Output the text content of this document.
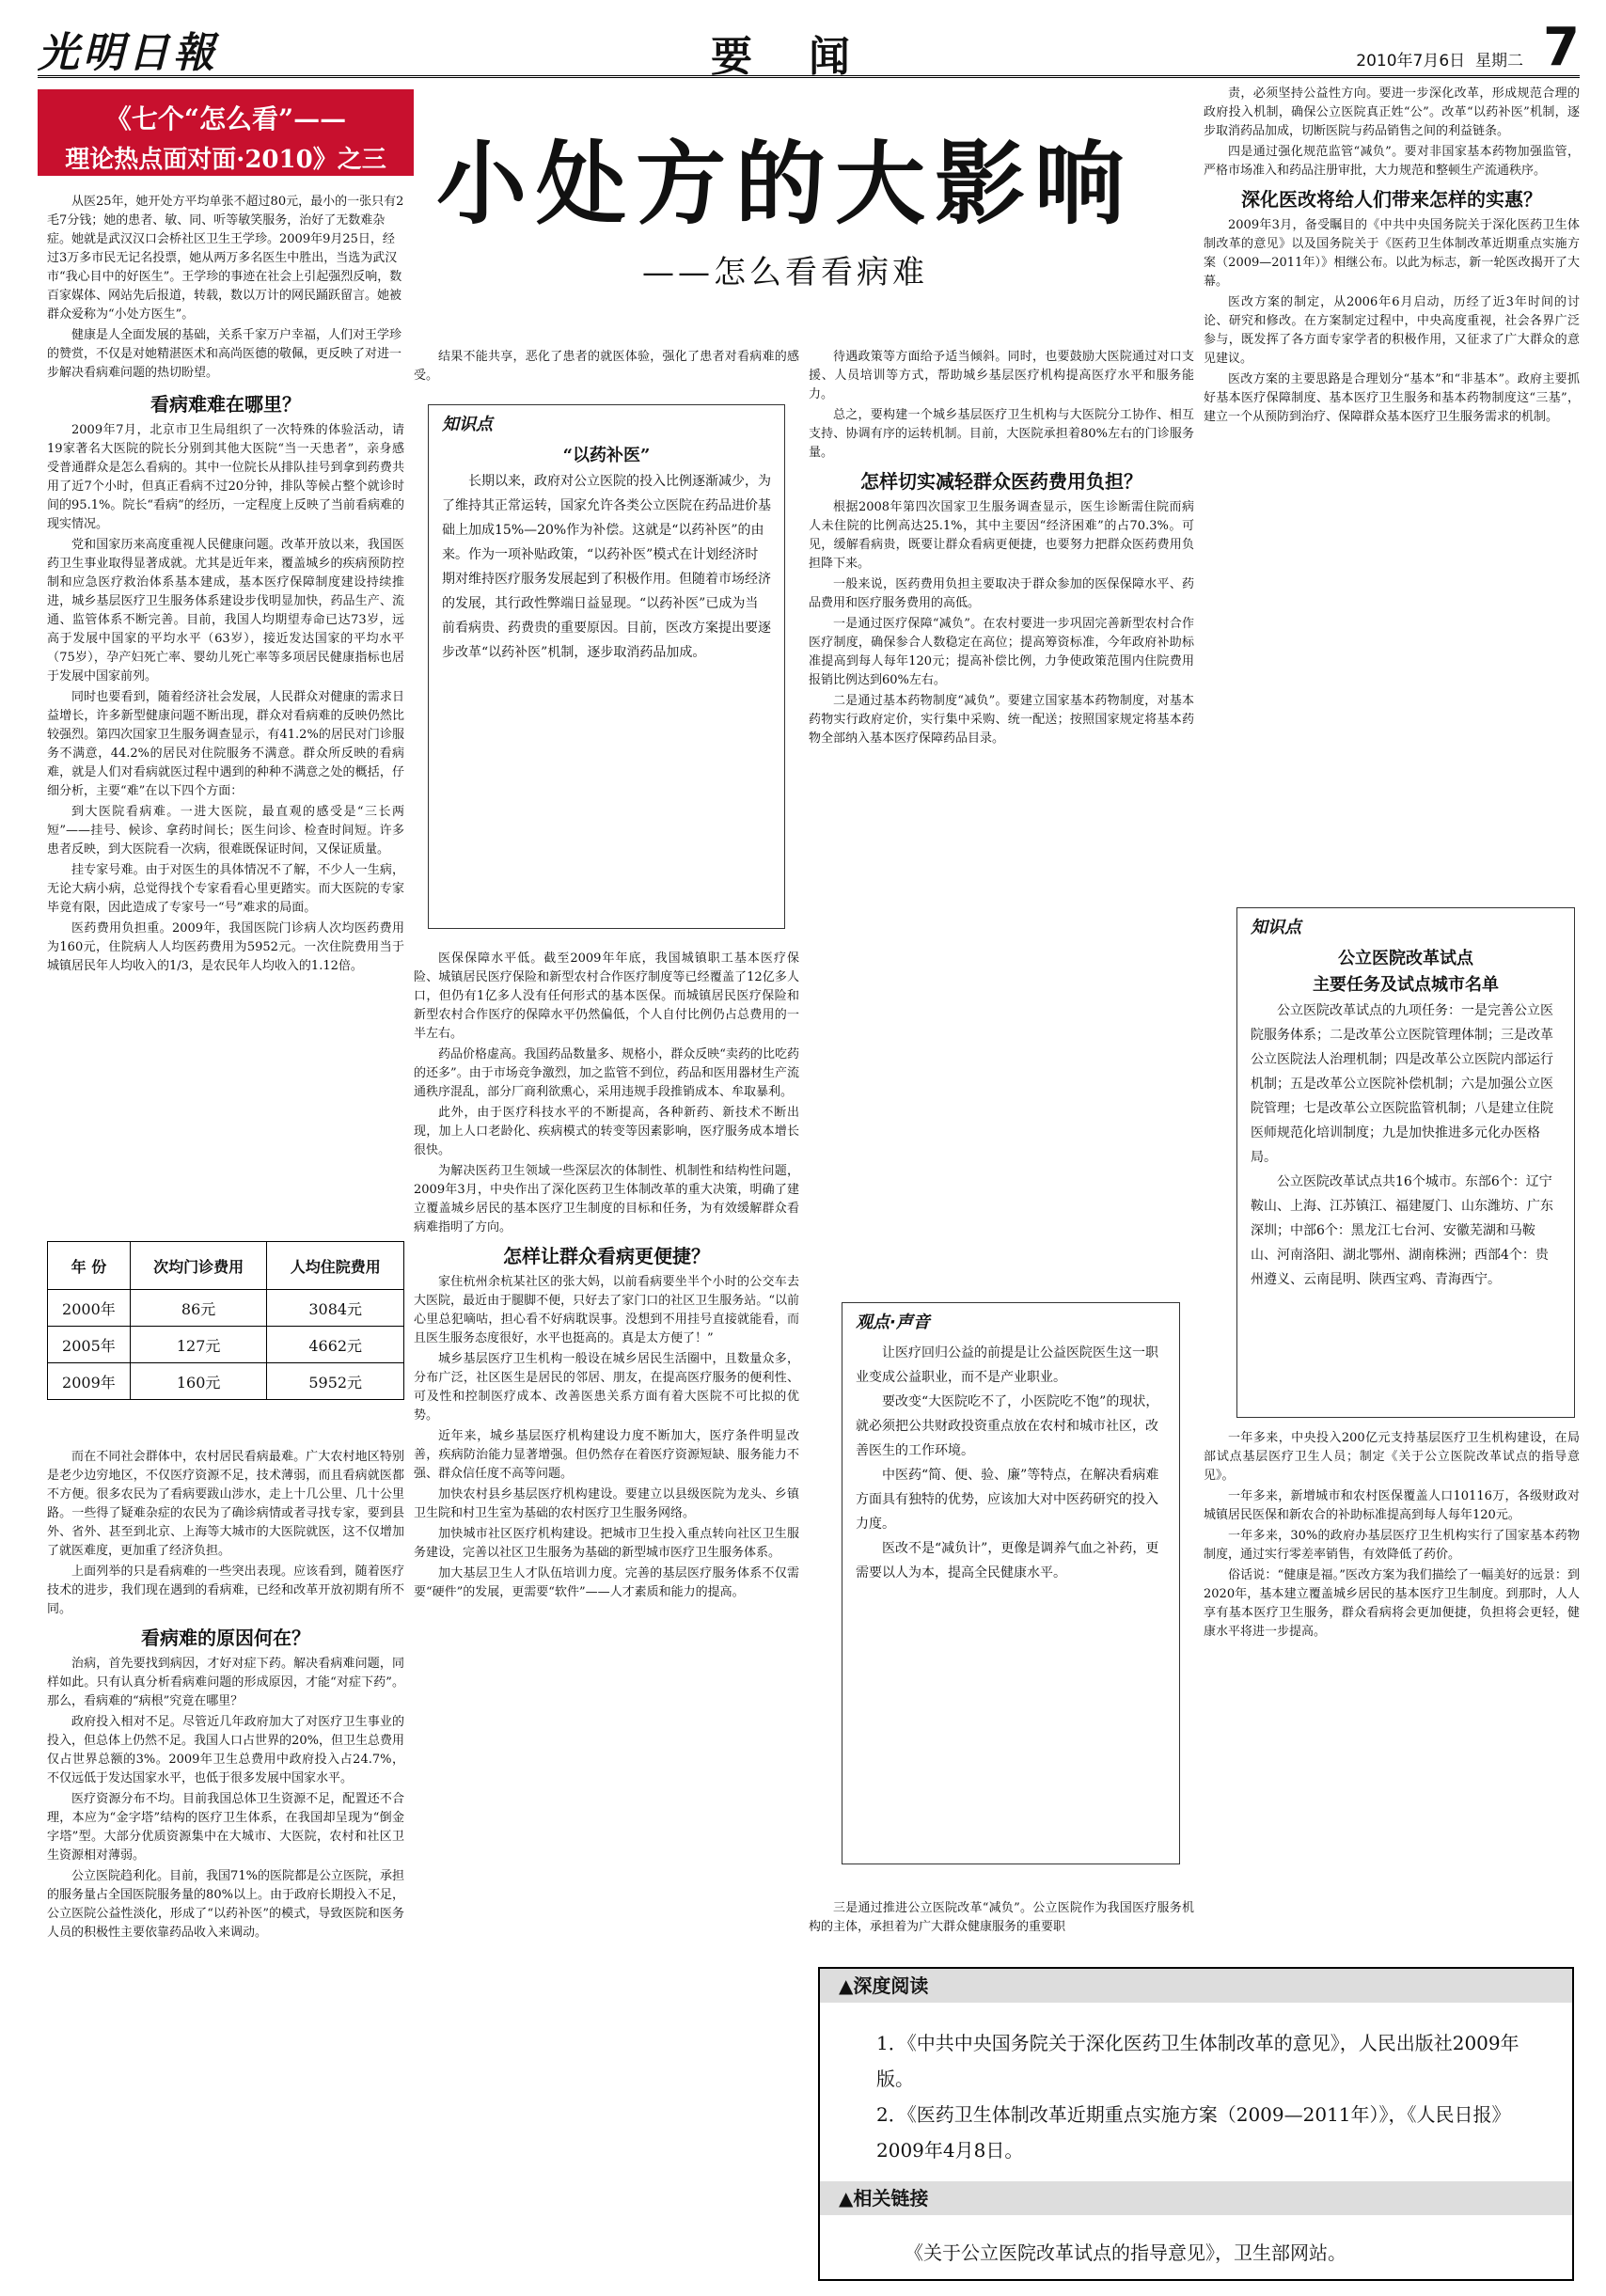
光明日報	要闻	2010年7月6日 星期二 7
《七个“怎么看”——
理论热点面对面·2010》之三

从医25年，她开处方平均单张不超过80元，最小的一张只有2毛7分钱；她的患者、敏、同、听等敏笑服务，治好了无数难杂症。她就是武汉汉口会桥社区卫生王学珍。2009年9月25日，经过3万多市民无记名投票，她从两万多名医生中胜出，当选为武汉市“我心目中的好医生”。王学珍的事迹在社会上引起强烈反响，数百家媒体、网站先后报道，转载，数以万计的网民踊跃留言。她被群众爱称为“小处方医生”。

健康是人全面发展的基础，关系千家万户幸福，人们对王学珍的赞赏，不仅是对她精湛医术和高尚医德的敬佩，更反映了对进一步解决看病难问题的热切盼望。

小处方的大影响
——怎么看看病难
看病难难在哪里？

2009年7月，北京市卫生局组织了一次特殊的体验活动，请19家著名大医院的院长分别到其他大医院“当一天患者”，亲身感受普通群众是怎么看病的。其中一位院长从排队挂号到拿到药费共用了近7个小时，但真正看病不过20分钟，排队等候占整个就诊时间的95.1%。院长“看病”的经历，一定程度上反映了当前看病难的现实情况。

党和国家历来高度重视人民健康问题。改革开放以来，我国医药卫生事业取得显著成就。尤其是近年来，覆盖城乡的疾病预防控制和应急医疗救治体系基本建成，基本医疗保障制度建设持续推进，城乡基层医疗卫生服务体系建设步伐明显加快，药品生产、流通、监管体系不断完善。目前，我国人均期望寿命已达73岁，远高于发展中国家的平均水平（63岁），接近发达国家的平均水平（75岁），孕产妇死亡率、婴幼儿死亡率等多项居民健康指标也居于发展中国家前列。

同时也要看到，随着经济社会发展，人民群众对健康的需求日益增长，许多新型健康问题不断出现，群众对看病难的反映仍然比较强烈。第四次国家卫生服务调查显示，有41.2%的居民对门诊服务不满意，44.2%的居民对住院服务不满意。群众所反映的看病难，就是人们对看病就医过程中遇到的种种不满意之处的概括，仔细分析，主要“难”在以下四个方面：

到大医院看病难。一进大医院，最直观的感受是“三长两短”——挂号、候诊、拿药时间长；医生问诊、检查时间短。许多患者反映，到大医院看一次病，很难既保证时间，又保证质量。

挂专家号难。由于对医生的具体情况不了解，不少人一生病，无论大病小病，总觉得找个专家看看心里更踏实。而大医院的专家毕竟有限，因此造成了专家号一“号”难求的局面。

医药费用负担重。2009年，我国医院门诊病人次均医药费用为160元，住院病人人均医药费用为5952元。一次住院费用当于城镇居民年人均收入的1/3，是农民年人均收入的1.12倍。

年 份	次均门诊费用	人均住院费用
2000年	86元	3084元
2005年	127元	4662元
2009年	160元	5952元

而在不同社会群体中，农村居民看病最难。广大农村地区特别是老少边穷地区，不仅医疗资源不足，技术薄弱，而且看病就医都不方便。很多农民为了看病要跋山涉水，走上十几公里、几十公里路。一些得了疑难杂症的农民为了确诊病情或者寻找专家，要到县外、省外、甚至到北京、上海等大城市的大医院就医，这不仅增加了就医难度，更加重了经济负担。

上面列举的只是看病难的一些突出表现。应该看到，随着医疗技术的进步，我们现在遇到的看病难，已经和改革开放初期有所不同。

看病难的原因何在？

治病，首先要找到病因，才好对症下药。解决看病难问题，同样如此。只有认真分析看病难问题的形成原因，才能“对症下药”。那么，看病难的“病根”究竟在哪里？

政府投入相对不足。尽管近几年政府加大了对医疗卫生事业的投入，但总体上仍然不足。我国人口占世界的20%，但卫生总费用仅占世界总额的3%。2009年卫生总费用中政府投入占24.7%，不仅远低于发达国家水平，也低于很多发展中国家水平。

医疗资源分布不均。目前我国总体卫生资源不足，配置还不合理，本应为“金字塔”结构的医疗卫生体系，在我国却呈现为“倒金字塔”型。大部分优质资源集中在大城市、大医院，农村和社区卫生资源相对薄弱。

公立医院趋利化。目前，我国71%的医院都是公立医院，承担的服务量占全国医院服务量的80%以上。由于政府长期投入不足，公立医院公益性淡化，形成了“以药补医”的模式，导致医院和医务人员的积极性主要依靠药品收入来调动。

结果不能共享，恶化了患者的就医体验，强化了患者对看病难的感受。

知识点
“以药补医”

长期以来，政府对公立医院的投入比例逐渐减少，为了维持其正常运转，国家允许各类公立医院在药品进价基础上加成15%—20%作为补偿。这就是“以药补医”的由来。作为一项补贴政策，“以药补医”模式在计划经济时期对维持医疗服务发展起到了积极作用。但随着市场经济的发展，其行政性弊端日益显现。“以药补医”已成为当前看病贵、药费贵的重要原因。目前，医改方案提出要逐步改革“以药补医”机制，逐步取消药品加成。

医保保障水平低。截至2009年年底，我国城镇职工基本医疗保险、城镇居民医疗保险和新型农村合作医疗制度等已经覆盖了12亿多人口，但仍有1亿多人没有任何形式的基本医保。而城镇居民医疗保险和新型农村合作医疗的保障水平仍然偏低，个人自付比例仍占总费用的一半左右。

药品价格虚高。我国药品数量多、规格小，群众反映“卖药的比吃药的还多”。由于市场竞争激烈，加之监管不到位，药品和医用器材生产流通秩序混乱，部分厂商利欲熏心，采用违规手段推销成本、牟取暴利。

此外，由于医疗科技水平的不断提高，各种新药、新技术不断出现，加上人口老龄化、疾病模式的转变等因素影响，医疗服务成本增长很快。

为解决医药卫生领域一些深层次的体制性、机制性和结构性问题，2009年3月，中央作出了深化医药卫生体制改革的重大决策，明确了建立覆盖城乡居民的基本医疗卫生制度的目标和任务，为有效缓解群众看病难指明了方向。

怎样让群众看病更便捷？

家住杭州余杭某社区的张大妈，以前看病要坐半个小时的公交车去大医院，最近由于腿脚不便，只好去了家门口的社区卫生服务站。“以前心里总犯嘀咕，担心看不好病耽误事。没想到不用挂号直接就能看，而且医生服务态度很好，水平也挺高的。真是太方便了！”

城乡基层医疗卫生机构一般设在城乡居民生活圈中，且数量众多，分布广泛，社区医生是居民的邻居、朋友，在提高医疗服务的便利性、可及性和控制医疗成本、改善医患关系方面有着大医院不可比拟的优势。

近年来，城乡基层医疗机构建设力度不断加大，医疗条件明显改善，疾病防治能力显著增强。但仍然存在着医疗资源短缺、服务能力不强、群众信任度不高等问题。

加快农村县乡基层医疗机构建设。要建立以县级医院为龙头、乡镇卫生院和村卫生室为基础的农村医疗卫生服务网络。

加快城市社区医疗机构建设。把城市卫生投入重点转向社区卫生服务建设，完善以社区卫生服务为基础的新型城市医疗卫生服务体系。

加大基层卫生人才队伍培训力度。完善的基层医疗服务体系不仅需要“硬件”的发展，更需要“软件”——人才素质和能力的提高。

待遇政策等方面给予适当倾斜。同时，也要鼓励大医院通过对口支援、人员培训等方式，帮助城乡基层医疗机构提高医疗水平和服务能力。

总之，要构建一个城乡基层医疗卫生机构与大医院分工协作、相互支持、协调有序的运转机制。目前，大医院承担着80%左右的门诊服务量。

怎样切实减轻群众医药费用负担？

根据2008年第四次国家卫生服务调查显示，医生诊断需住院而病人未住院的比例高达25.1%，其中主要因“经济困难”的占70.3%。可见，缓解看病贵，既要让群众看病更便捷，也要努力把群众医药费用负担降下来。

一般来说，医药费用负担主要取决于群众参加的医保保障水平、药品费用和医疗服务费用的高低。

一是通过医疗保障“减负”。在农村要进一步巩固完善新型农村合作医疗制度，确保参合人数稳定在高位；提高筹资标准，今年政府补助标准提高到每人每年120元；提高补偿比例，力争使政策范围内住院费用报销比例达到60%左右。

二是通过基本药物制度“减负”。要建立国家基本药物制度，对基本药物实行政府定价，实行集中采购、统一配送；按照国家规定将基本药物全部纳入基本医疗保障药品目录。

观点·声音

让医疗回归公益的前提是让公益医院医生这一职业变成公益职业，而不是产业职业。

要改变“大医院吃不了，小医院吃不饱”的现状，就必须把公共财政投资重点放在农村和城市社区，改善医生的工作环境。

中医药“简、便、验、廉”等特点，在解决看病难方面具有独特的优势，应该加大对中医药研究的投入力度。

医改不是“减负计”，更像是调养气血之补药，更需要以人为本，提高全民健康水平。

三是通过推进公立医院改革“减负”。公立医院作为我国医疗服务机构的主体，承担着为广大群众健康服务的重要职

责，必须坚持公益性方向。要进一步深化改革，形成规范合理的政府投入机制，确保公立医院真正姓“公”。改革“以药补医”机制，逐步取消药品加成，切断医院与药品销售之间的利益链条。

四是通过强化规范监管“减负”。要对非国家基本药物加强监管，严格市场准入和药品注册审批，大力规范和整顿生产流通秩序。

深化医改将给人们带来怎样的实惠？

2009年3月，备受瞩目的《中共中央国务院关于深化医药卫生体制改革的意见》以及国务院关于《医药卫生体制改革近期重点实施方案（2009—2011年）》相继公布。以此为标志，新一轮医改揭开了大幕。

医改方案的制定，从2006年6月启动，历经了近3年时间的讨论、研究和修改。在方案制定过程中，中央高度重视，社会各界广泛参与，既发挥了各方面专家学者的积极作用，又征求了广大群众的意见建议。

医改方案的主要思路是合理划分“基本”和“非基本”。政府主要抓好基本医疗保障制度、基本医疗卫生服务和基本药物制度这“三基”，建立一个从预防到治疗、保障群众基本医疗卫生服务需求的机制。

知识点
公立医院改革试点
主要任务及试点城市名单

公立医院改革试点的九项任务：一是完善公立医院服务体系；二是改革公立医院管理体制；三是改革公立医院法人治理机制；四是改革公立医院内部运行机制；五是改革公立医院补偿机制；六是加强公立医院管理；七是改革公立医院监管机制；八是建立住院医师规范化培训制度；九是加快推进多元化办医格局。

公立医院改革试点共16个城市。东部6个：辽宁鞍山、上海、江苏镇江、福建厦门、山东潍坊、广东深圳；中部6个：黑龙江七台河、安徽芜湖和马鞍山、河南洛阳、湖北鄂州、湖南株洲；西部4个：贵州遵义、云南昆明、陕西宝鸡、青海西宁。

一年多来，中央投入200亿元支持基层医疗卫生机构建设，在局部试点基层医疗卫生人员；制定《关于公立医院改革试点的指导意见》。

一年多来，新增城市和农村医保覆盖人口10116万，各级财政对城镇居民医保和新农合的补助标准提高到每人每年120元。

一年多来，30%的政府办基层医疗卫生机构实行了国家基本药物制度，通过实行零差率销售，有效降低了药价。

俗话说：“健康是福。”医改方案为我们描绘了一幅美好的远景：到2020年，基本建立覆盖城乡居民的基本医疗卫生制度。到那时，人人享有基本医疗卫生服务，群众看病将会更加便捷，负担将会更轻，健康水平将进一步提高。

▲深度阅读
1．《中共中央国务院关于深化医药卫生体制改革的意见》，人民出版社2009年版。
2．《医药卫生体制改革近期重点实施方案（2009—2011年）》，《人民日报》2009年4月8日。
▲相关链接
《关于公立医院改革试点的指导意见》，卫生部网站。
